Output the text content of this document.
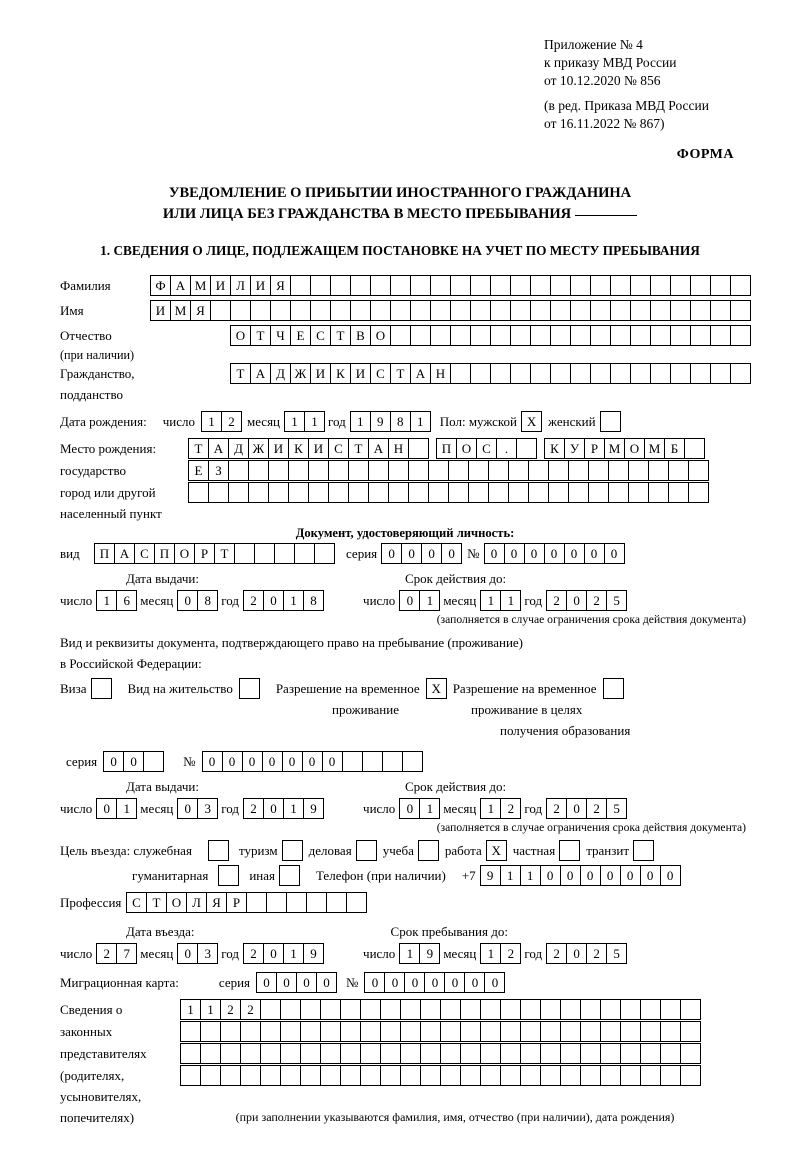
Приложение № 4
к приказу МВД России
от 10.12.2020 № 856
(в ред. Приказа МВД России
от 16.11.2022 № 867)
ФОРМА
УВЕДОМЛЕНИЕ О ПРИБЫТИИ ИНОСТРАННОГО ГРАЖДАНИНА
ИЛИ ЛИЦА БЕЗ ГРАЖДАНСТВА В МЕСТО ПРЕБЫВАНИЯ
1. СВЕДЕНИЯ О ЛИЦЕ, ПОДЛЕЖАЩЕМ ПОСТАНОВКЕ НА УЧЕТ ПО МЕСТУ ПРЕБЫВАНИЯ
Фамилия	Ф А М И Л И Я
Имя	И М Я
Отчество	О Т Ч Е С Т В О
(при наличии)
Гражданство,	Т А Д Ж И К И С Т А Н
подданство
Дата рождения: число	1	2 месяц 1	1 год 1	9	8	1	Пол: мужской X женский
Место рождения:	Т А Д Ж И К И С Т А Н	П О С	.	К У Р М О М Б
государство	Е З
город или другой
населенный пункт
Документ, удостоверяющий личность:
вид	П А С П О Р Т	серия 0	0	0	0 № 0	0	0	0	0	0	0
Дата выдачи:	Срок действия до:
число 1	6 месяц 0	8 год 2	0	1	8	число 0	1 месяц 1	1 год 2	0	2	5
(заполняется в случае ограничения срока действия документа)
Вид и реквизиты документа, подтверждающего право на пребывание (проживание)
в Российской Федерации:
Виза	Вид на жительство	Разрешение на временное X Разрешение на временное
проживание	проживание в целях
получения образования
серия	0	0	№	0	0	0	0	0	0	0
Дата выдачи:	Срок действия до:
число 0	1 месяц 0	3 год 2	0	1	9	число 0	1 месяц 1	2 год 2	0	2	5
(заполняется в случае ограничения срока действия документа)
Цель въезда: служебная	туризм деловая учеба работа X частная транзит
гуманитарная	иная	Телефон (при наличии) +7 9	1	1	0	0	0	0	0	0	0
Профессия С Т О Л Я Р
Дата въезда:	Срок пребывания до:
число 2	7 месяц 0	3 год 2	0	1	9	число 1	9 месяц 1	2 год 2	0	2	5
Миграционная карта:	серия	0	0	0	0	№	0	0	0	0	0	0	0
Сведения о	1	1	2	2
законных
представителях
(родителях,
усыновителях,
попечителях)	(при заполнении указываются фамилия, имя, отчество (при наличии), дата рождения)
